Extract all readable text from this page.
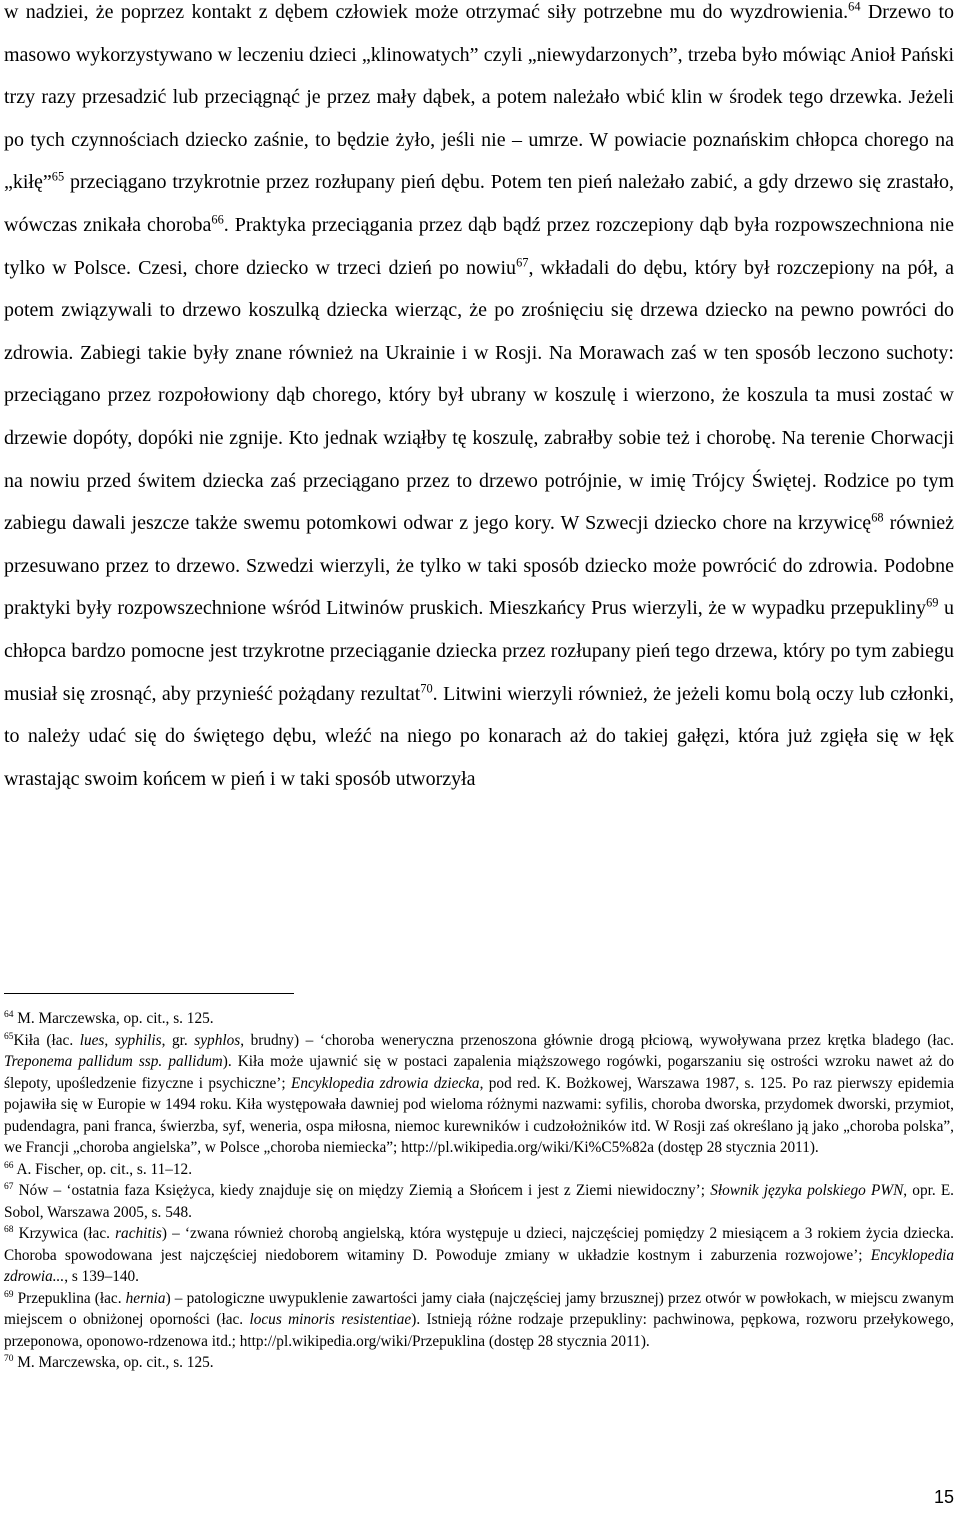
w nadziei, że poprzez kontakt z dębem człowiek może otrzymać siły potrzebne mu do wyzdrowienia.$^{64}$ Drzewo to masowo wykorzystywano w leczeniu dzieci „klinowatych” czyli „niewydarzonych”, trzeba było mówiąc Anioł Pański trzy razy przesadzić lub przeciągnąć je przez mały dąbek, a potem należało wbić klin w środek tego drzewka. Jeżeli po tych czynnościach dziecko zaśnie, to będzie żyło, jeśli nie – umrze. W powiacie poznańskim chłopca chorego na „kiłę”$^{65}$ przeciągano trzykrotnie przez rozłupany pień dębu. Potem ten pień należało zabić, a gdy drzewo się zrastało, wówczas znikała choroba$^{66}$. Praktyka przeciągania przez dąb bądź przez rozczepiony dąb była rozpowszechniona nie tylko w Polsce. Czesi, chore dziecko w trzeci dzień po nowiu$^{67}$, wkładali do dębu, który był rozczepiony na pół, a potem związywali to drzewo koszulką dziecka wierząc, że po zrośnięciu się drzewa dziecko na pewno powróci do zdrowia. Zabiegi takie były znane również na Ukrainie i w Rosji. Na Morawach zaś w ten sposób leczono suchoty: przeciągano przez rozpołowiony dąb chorego, który był ubrany w koszulę i wierzono, że koszula ta musi zostać w drzewie dopóty, dopóki nie zgnije. Kto jednak wziąłby tę koszulę, zabrałby sobie też i chorobę. Na terenie Chorwacji na nowiu przed świtem dziecka zaś przeciągano przez to drzewo potrójnie, w imię Trójcy Świętej. Rodzice po tym zabiegu dawali jeszcze także swemu potomkowi odwar z jego kory. W Szwecji dziecko chore na krzywicę$^{68}$ również przesuwano przez to drzewo. Szwedzi wierzyli, że tylko w taki sposób dziecko może powrócić do zdrowia. Podobne praktyki były rozpowszechnione wśród Litwinów pruskich. Mieszkańcy Prus wierzyli, że w wypadku przepukliny$^{69}$ u chłopca bardzo pomocne jest trzykrotne przeciąganie dziecka przez rozłupany pień tego drzewa, który po tym zabiegu musiał się zrosnąć, aby przynieść pożądany rezultat$^{70}$. Litwini wierzyli również, że jeżeli komu bolą oczy lub członki, to należy udać się do świętego dębu, wleźć na niego po konarach aż do takiej gałęzi, która już zgięła się w łęk wrastając swoim końcem w pień i w taki sposób utworzyła

$^{64}$ M. Marczewska, op. cit., s. 125.

$^{65}$Kiła (łac. lues, syphilis, gr. syphlos, brudny) – ‘choroba weneryczna przenoszona głównie drogą płciową, wywoływana przez krętka bladego (łac. Treponema pallidum ssp. pallidum). Kiła może ujawnić się w postaci zapalenia miąższowego rogówki, pogarszaniu się ostrości wzroku nawet aż do ślepoty, upośledzenie fizyczne i psychiczne’; Encyklopedia zdrowia dziecka, pod red. K. Bożkowej, Warszawa 1987, s. 125. Po raz pierwszy epidemia pojawiła się w Europie w 1494 roku. Kiła występowała dawniej pod wieloma różnymi nazwami: syfilis, choroba dworska, przydomek dworski, przymiot, pudendagra, pani franca, świerzba, syf, weneria, ospa miłosna, niemoc kurewników i cudzołożników itd. W Rosji zaś określano ją jako „choroba polska”, we Francji „choroba angielska”, w Polsce „choroba niemiecka”; http://pl.wikipedia.org/wiki/Ki%C5%82a (dostęp 28 stycznia 2011).

$^{66}$ A. Fischer, op. cit., s. 11–12.

$^{67}$ Nów – ‘ostatnia faza Księżyca, kiedy znajduje się on między Ziemią a Słońcem i jest z Ziemi niewidoczny’; Słownik języka polskiego PWN, opr. E. Sobol, Warszawa 2005, s. 548.

$^{68}$ Krzywica (łac. rachitis) – ‘zwana również chorobą angielską, która występuje u dzieci, najczęściej pomiędzy 2 miesiącem a 3 rokiem życia dziecka. Choroba spowodowana jest najczęściej niedoborem witaminy D. Powoduje zmiany w układzie kostnym i zaburzenia rozwojowe’; Encyklopedia zdrowia..., s 139–140.

$^{69}$ Przepuklina (łac. hernia) – patologiczne uwypuklenie zawartości jamy ciała (najczęściej jamy brzusznej) przez otwór w powłokach, w miejscu zwanym miejscem o obniżonej oporności (łac. locus minoris resistentiae). Istnieją różne rodzaje przepukliny: pachwinowa, pępkowa, rozworu przełykowego, przeponowa, oponowo-rdzenowa itd.; http://pl.wikipedia.org/wiki/Przepuklina (dostęp 28 stycznia 2011).

$^{70}$ M. Marczewska, op. cit., s. 125.

15
